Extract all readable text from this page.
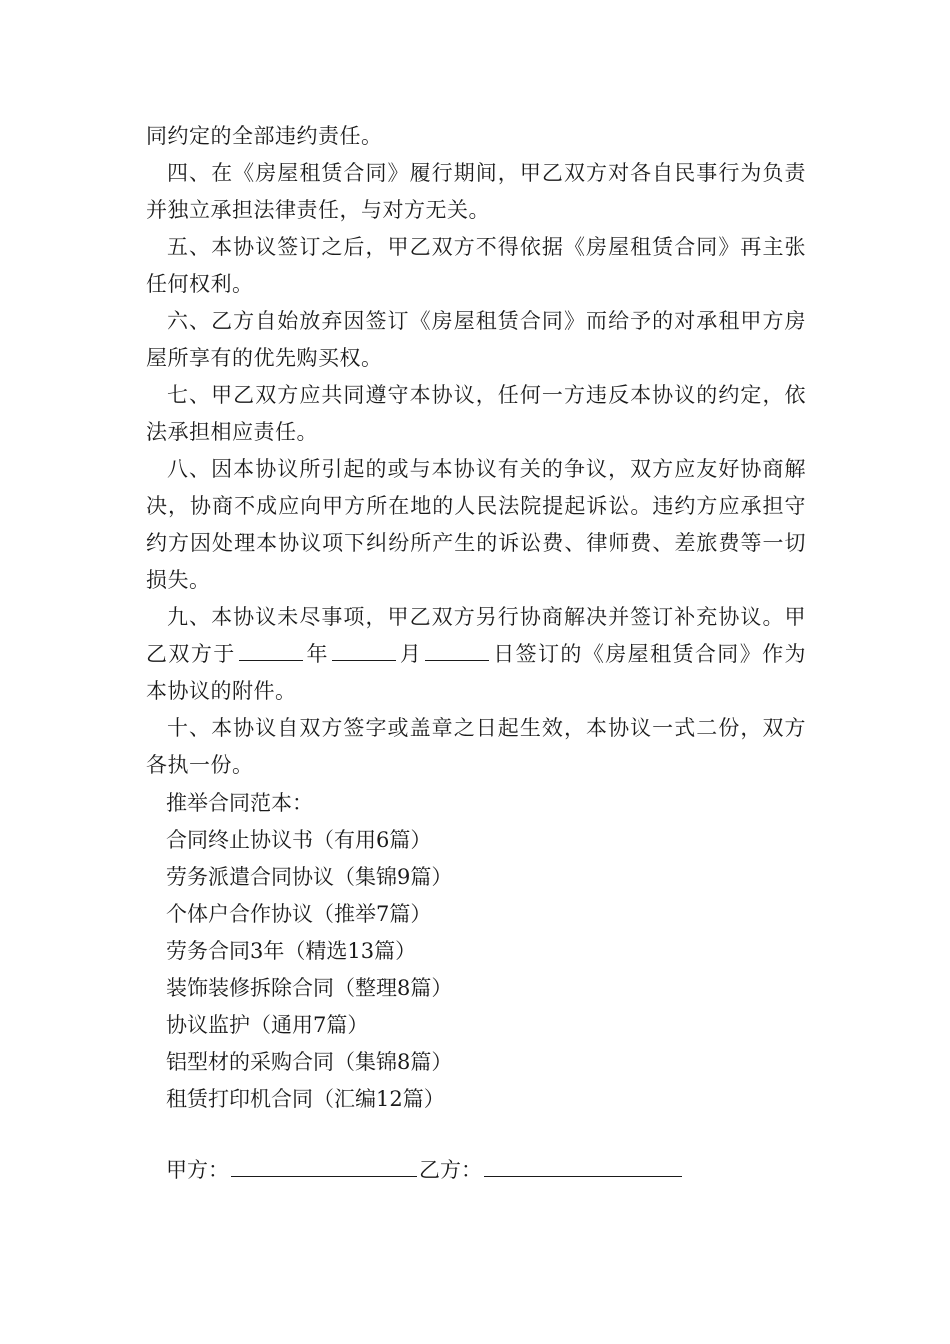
同约定的全部违约责任。

四、在《房屋租赁合同》履行期间，甲乙双方对各自民事行为负责并独立承担法律责任，与对方无关。

五、本协议签订之后，甲乙双方不得依据《房屋租赁合同》再主张任何权利。

六、乙方自始放弃因签订《房屋租赁合同》而给予的对承租甲方房屋所享有的优先购买权。

七、甲乙双方应共同遵守本协议，任何一方违反本协议的约定，依法承担相应责任。

八、因本协议所引起的或与本协议有关的争议，双方应友好协商解决，协商不成应向甲方所在地的人民法院提起诉讼。违约方应承担守约方因处理本协议项下纠纷所产生的诉讼费、律师费、差旅费等一切损失。

九、本协议未尽事项，甲乙双方另行协商解决并签订补充协议。甲乙双方于	年	月	日签订的《房屋租赁合同》作为本协议的附件。

十、本协议自双方签字或盖章之日起生效，本协议一式二份，双方各执一份。

推举合同范本：

合同终止协议书（有用6篇）

劳务派遣合同协议（集锦9篇）

个体户合作协议（推举7篇）

劳务合同3年（精选13篇）

装饰装修拆除合同（整理8篇）

协议监护（通用7篇）

铝型材的采购合同（集锦8篇）

租赁打印机合同（汇编12篇）

甲方：	乙方：
